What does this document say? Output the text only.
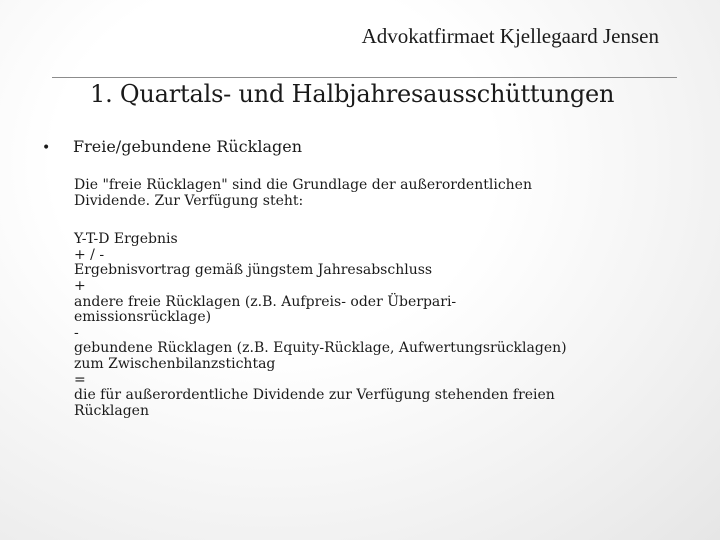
Advokatfirmaet Kjellegaard Jensen
1. Quartals- und Halbjahresausschüttungen
• Freie/gebundene Rücklagen
Die "freie Rücklagen" sind die Grundlage der außerordentlichen
Dividende. Zur Verfügung steht:
Y-T-D Ergebnis
+ / -
Ergebnisvortrag gemäß jüngstem Jahresabschluss
+
andere freie Rücklagen (z.B. Aufpreis- oder Überpari-
emissionsrücklage)
-
gebundene Rücklagen (z.B. Equity-Rücklage, Aufwertungsrücklagen)
zum Zwischenbilanzstichtag
=
die für außerordentliche Dividende zur Verfügung stehenden freien
Rücklagen
